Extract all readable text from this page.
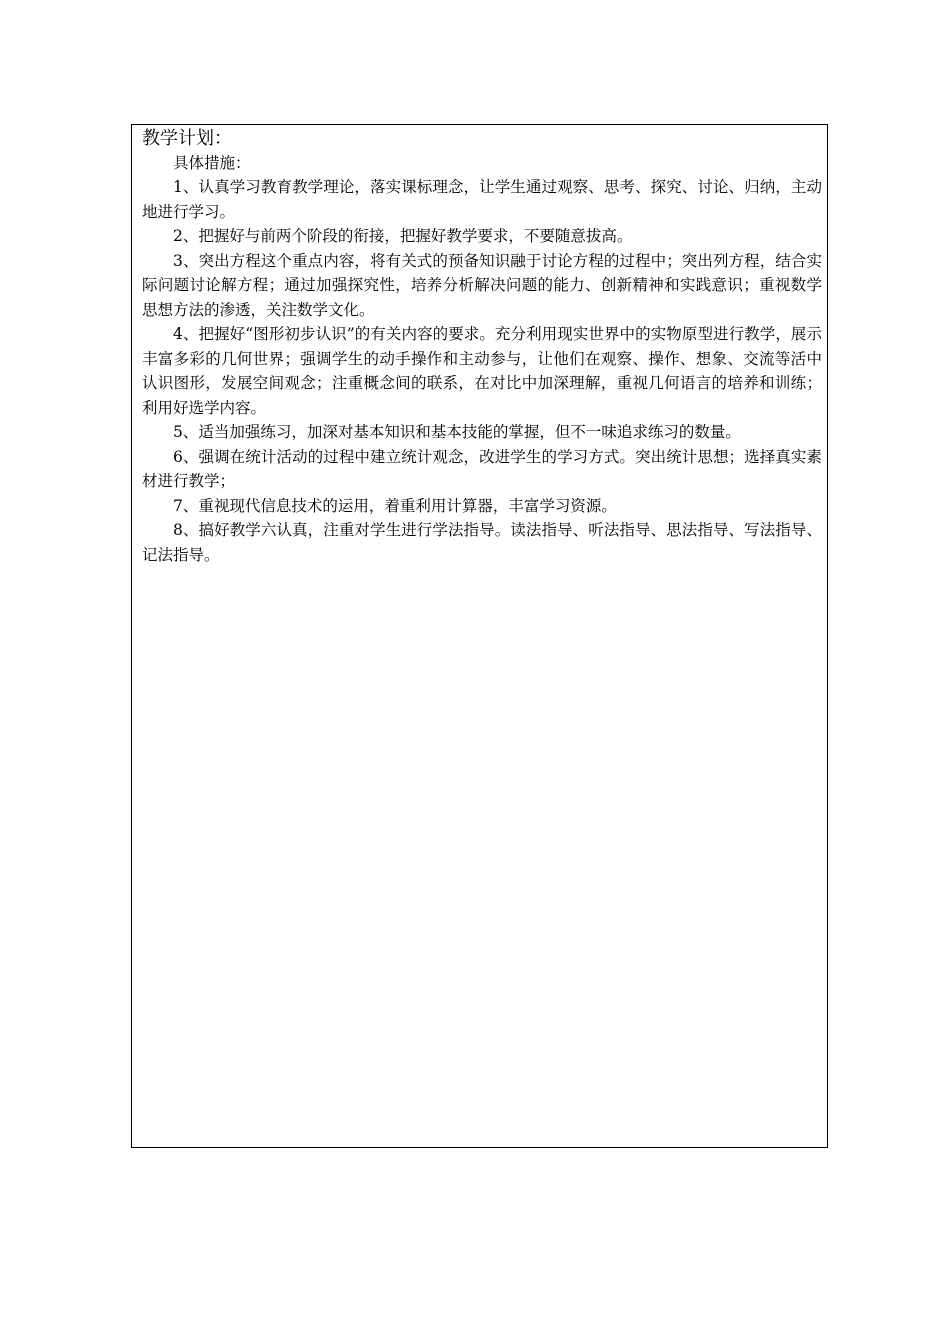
教学计划：

具体措施：

1、认真学习教育教学理论，落实课标理念，让学生通过观察、思考、探究、讨论、归纳，主动地进行学习。

2、把握好与前两个阶段的衔接，把握好教学要求，不要随意拔高。

3、突出方程这个重点内容，将有关式的预备知识融于讨论方程的过程中；突出列方程，结合实际问题讨论解方程；通过加强探究性，培养分析解决问题的能力、创新精神和实践意识；重视数学思想方法的渗透，关注数学文化。

4、把握好“图形初步认识”的有关内容的要求。充分利用现实世界中的实物原型进行教学，展示丰富多彩的几何世界；强调学生的动手操作和主动参与，让他们在观察、操作、想象、交流等活中认识图形，发展空间观念；注重概念间的联系，在对比中加深理解，重视几何语言的培养和训练；利用好选学内容。

5、适当加强练习，加深对基本知识和基本技能的掌握，但不一味追求练习的数量。

6、强调在统计活动的过程中建立统计观念，改进学生的学习方式。突出统计思想；选择真实素材进行教学；

7、重视现代信息技术的运用，着重利用计算器，丰富学习资源。

8、搞好教学六认真，注重对学生进行学法指导。读法指导、听法指导、思法指导、写法指导、记法指导。
